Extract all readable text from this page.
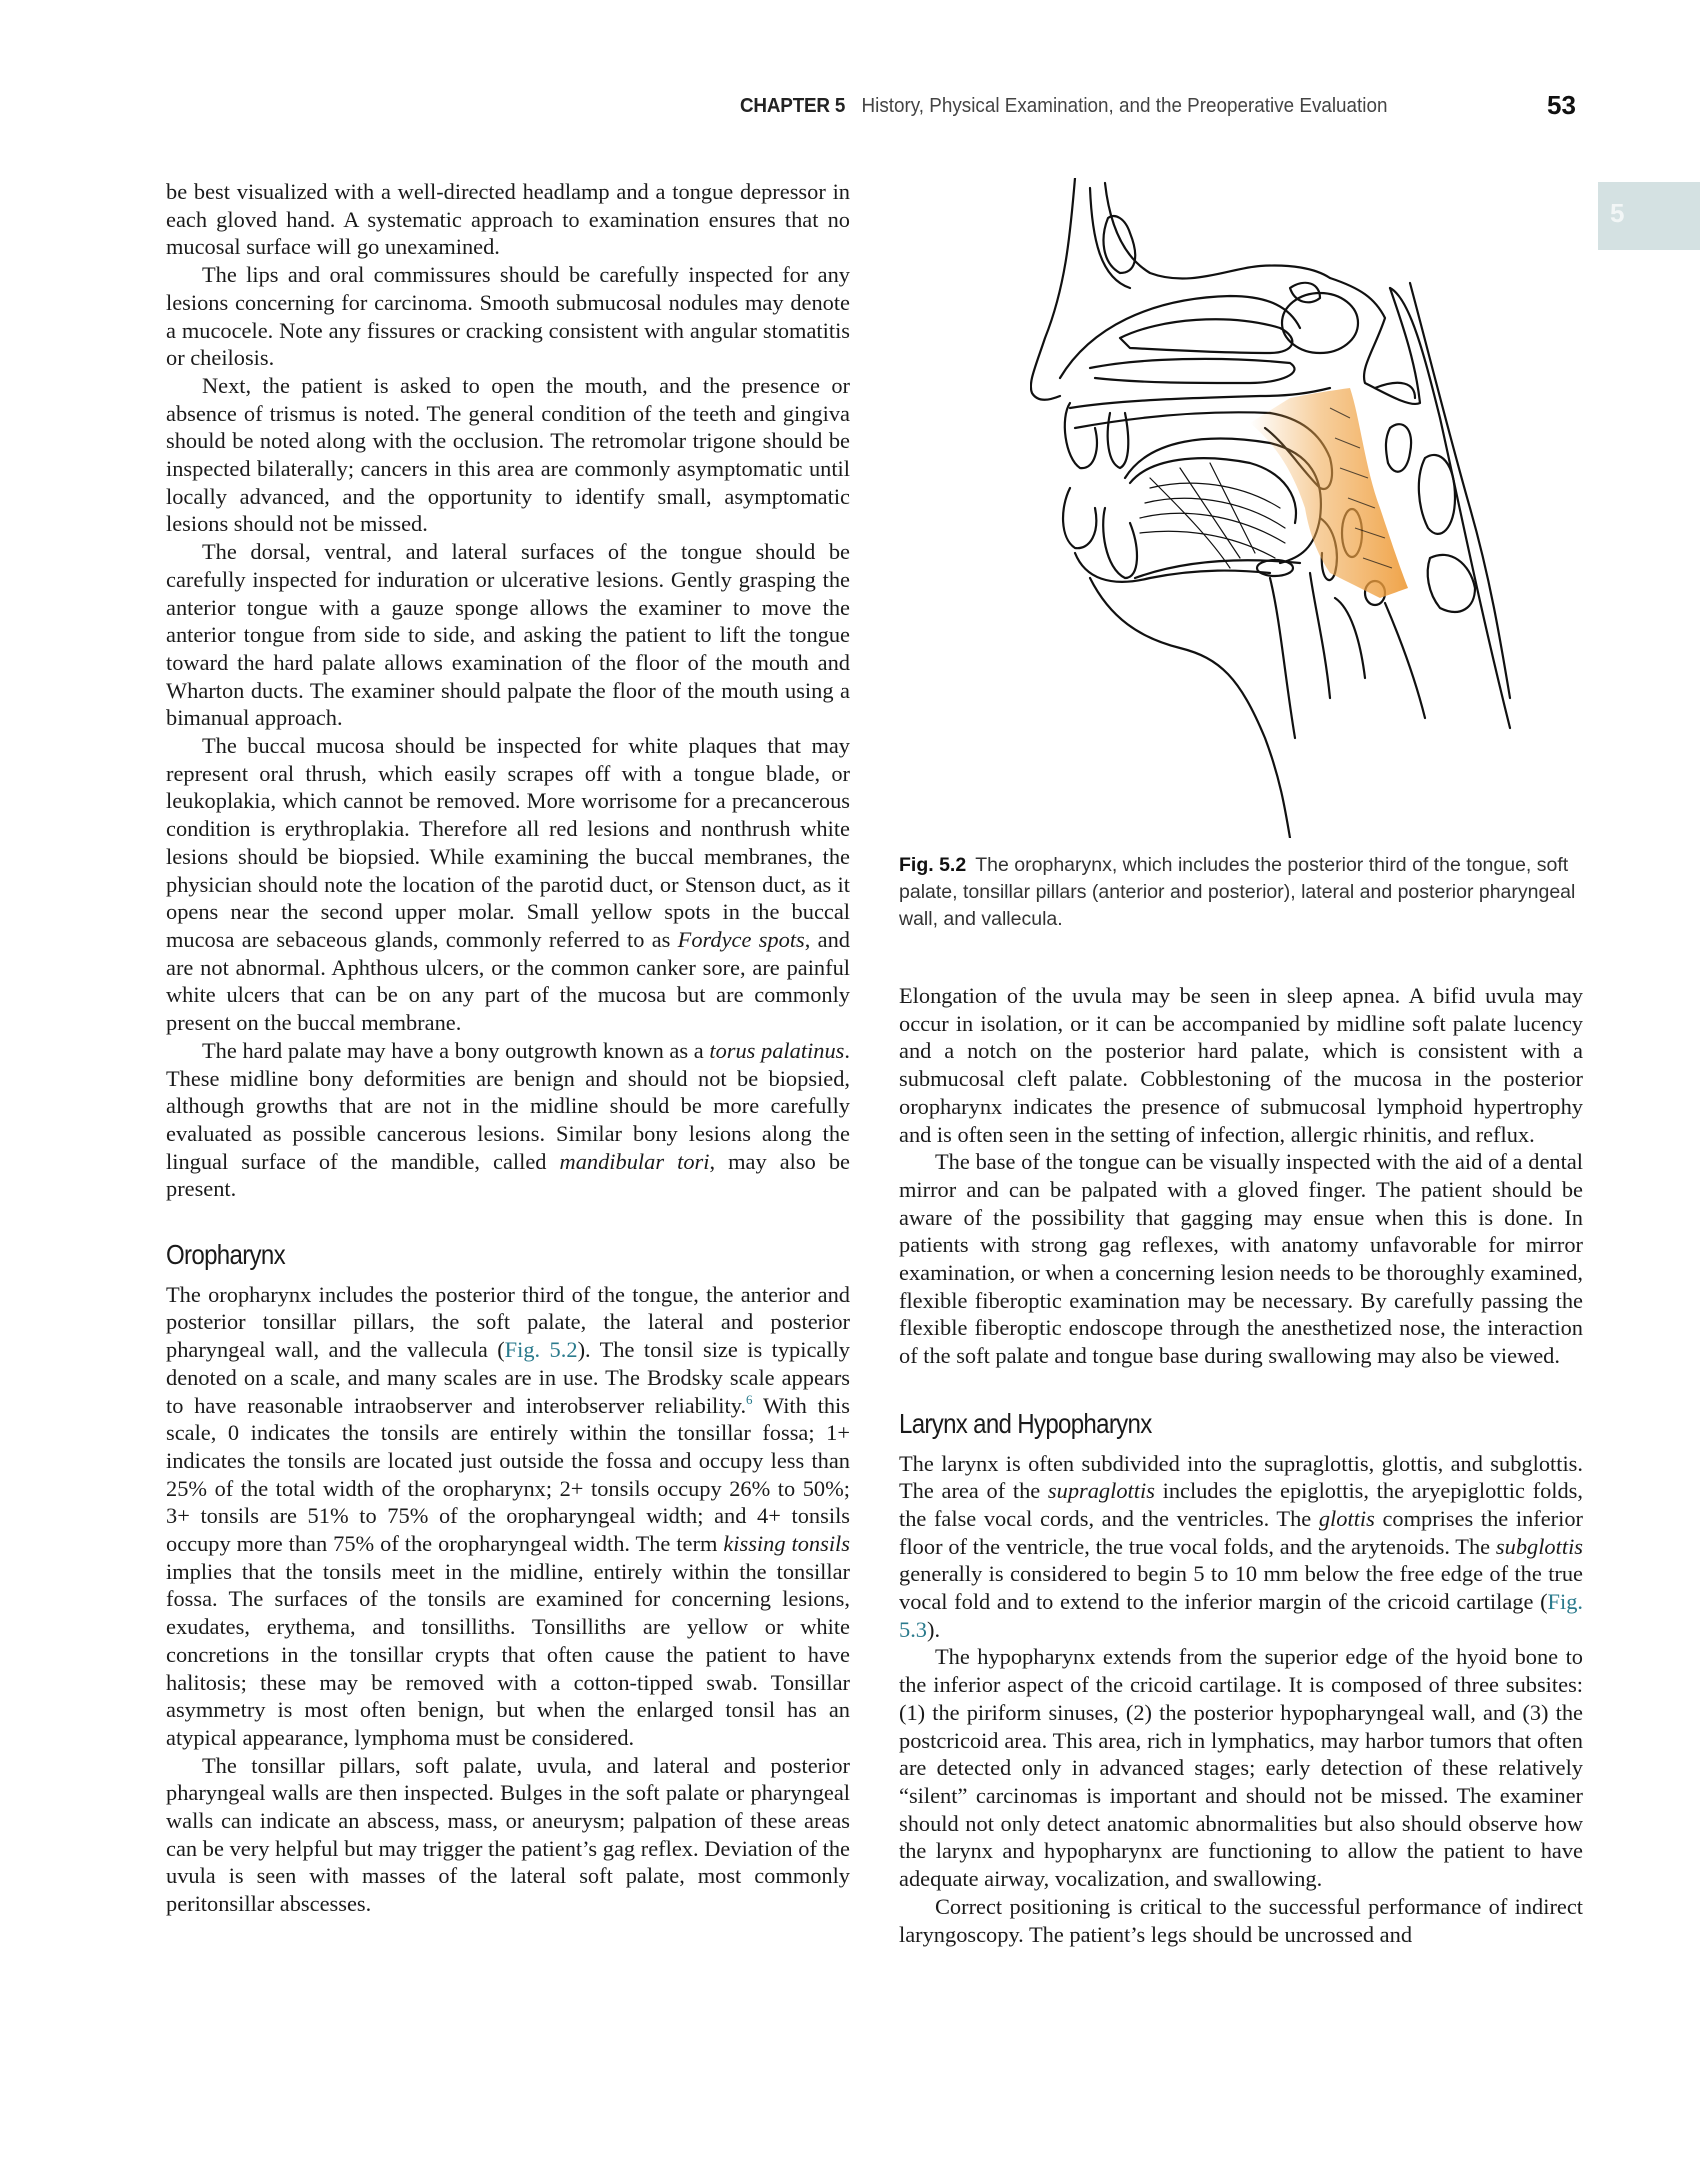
CHAPTER 5 History, Physical Examination, and the Preoperative Evaluation	53
5

be best visualized with a well-directed headlamp and a tongue depressor in each gloved hand. A systematic approach to examination ensures that no mucosal surface will go unexamined.

The lips and oral commissures should be carefully inspected for any lesions concerning for carcinoma. Smooth submucosal nodules may denote a mucocele. Note any fissures or cracking consistent with angular stomatitis or cheilosis.

Next, the patient is asked to open the mouth, and the presence or absence of trismus is noted. The general condition of the teeth and gingiva should be noted along with the occlusion. The retromolar trigone should be inspected bilaterally; cancers in this area are commonly asymptomatic until locally advanced, and the opportunity to identify small, asymptomatic lesions should not be missed.

The dorsal, ventral, and lateral surfaces of the tongue should be carefully inspected for induration or ulcerative lesions. Gently grasping the anterior tongue with a gauze sponge allows the examiner to move the anterior tongue from side to side, and asking the patient to lift the tongue toward the hard palate allows examination of the floor of the mouth and Wharton ducts. The examiner should palpate the floor of the mouth using a bimanual approach.

The buccal mucosa should be inspected for white plaques that may represent oral thrush, which easily scrapes off with a tongue blade, or leukoplakia, which cannot be removed. More worrisome for a precancerous condition is erythroplakia. Therefore all red lesions and nonthrush white lesions should be biopsied. While examining the buccal membranes, the physician should note the location of the parotid duct, or Stenson duct, as it opens near the second upper molar. Small yellow spots in the buccal mucosa are sebaceous glands, commonly referred to as Fordyce spots, and are not abnormal. Aphthous ulcers, or the common canker sore, are painful white ulcers that can be on any part of the mucosa but are commonly present on the buccal membrane.

The hard palate may have a bony outgrowth known as a torus palatinus. These midline bony deformities are benign and should not be biopsied, although growths that are not in the midline should be more carefully evaluated as possible cancerous lesions. Similar bony lesions along the lingual surface of the mandible, called mandibular tori, may also be present.

Oropharynx

The oropharynx includes the posterior third of the tongue, the anterior and posterior tonsillar pillars, the soft palate, the lateral and posterior pharyngeal wall, and the vallecula (Fig. 5.2). The tonsil size is typically denoted on a scale, and many scales are in use. The Brodsky scale appears to have reasonable intraobserver and interobserver reliability.$^6$ With this scale, 0 indicates the tonsils are entirely within the tonsillar fossa; 1+ indicates the tonsils are located just outside the fossa and occupy less than 25% of the total width of the oropharynx; 2+ tonsils occupy 26% to 50%; 3+ tonsils are 51% to 75% of the oropharyngeal width; and 4+ tonsils occupy more than 75% of the oropharyngeal width. The term kissing tonsils implies that the tonsils meet in the midline, entirely within the tonsillar fossa. The surfaces of the tonsils are examined for concerning lesions, exudates, erythema, and tonsilliths. Tonsilliths are yellow or white concretions in the tonsillar crypts that often cause the patient to have halitosis; these may be removed with a cotton-tipped swab. Tonsillar asymmetry is most often benign, but when the enlarged tonsil has an atypical appearance, lymphoma must be considered.

The tonsillar pillars, soft palate, uvula, and lateral and posterior pharyngeal walls are then inspected. Bulges in the soft palate or pharyngeal walls can indicate an abscess, mass, or aneurysm; palpation of these areas can be very helpful but may trigger the patient’s gag reflex. Deviation of the uvula is seen with masses of the lateral soft palate, most commonly peritonsillar abscesses.

Fig. 5.2 The oropharynx, which includes the posterior third of the tongue, soft palate, tonsillar pillars (anterior and posterior), lateral and posterior pharyngeal wall, and vallecula.

Elongation of the uvula may be seen in sleep apnea. A bifid uvula may occur in isolation, or it can be accompanied by midline soft palate lucency and a notch on the posterior hard palate, which is consistent with a submucosal cleft palate. Cobblestoning of the mucosa in the posterior oropharynx indicates the presence of submucosal lymphoid hypertrophy and is often seen in the setting of infection, allergic rhinitis, and reflux.

The base of the tongue can be visually inspected with the aid of a dental mirror and can be palpated with a gloved finger. The patient should be aware of the possibility that gagging may ensue when this is done. In patients with strong gag reflexes, with anatomy unfavorable for mirror examination, or when a concerning lesion needs to be thoroughly examined, flexible fiberoptic examination may be necessary. By carefully passing the flexible fiberoptic endoscope through the anesthetized nose, the interaction of the soft palate and tongue base during swallowing may also be viewed.

Larynx and Hypopharynx

The larynx is often subdivided into the supraglottis, glottis, and subglottis. The area of the supraglottis includes the epiglottis, the aryepiglottic folds, the false vocal cords, and the ventricles. The glottis comprises the inferior floor of the ventricle, the true vocal folds, and the arytenoids. The subglottis generally is considered to begin 5 to 10 mm below the free edge of the true vocal fold and to extend to the inferior margin of the cricoid cartilage (Fig. 5.3).

The hypopharynx extends from the superior edge of the hyoid bone to the inferior aspect of the cricoid cartilage. It is composed of three subsites: (1) the piriform sinuses, (2) the posterior hypopharyngeal wall, and (3) the postcricoid area. This area, rich in lymphatics, may harbor tumors that often are detected only in advanced stages; early detection of these relatively “silent” carcinomas is important and should not be missed. The examiner should not only detect anatomic abnormalities but also should observe how the larynx and hypopharynx are functioning to allow the patient to have adequate airway, vocalization, and swallowing.

Correct positioning is critical to the successful performance of indirect laryngoscopy. The patient’s legs should be uncrossed and
